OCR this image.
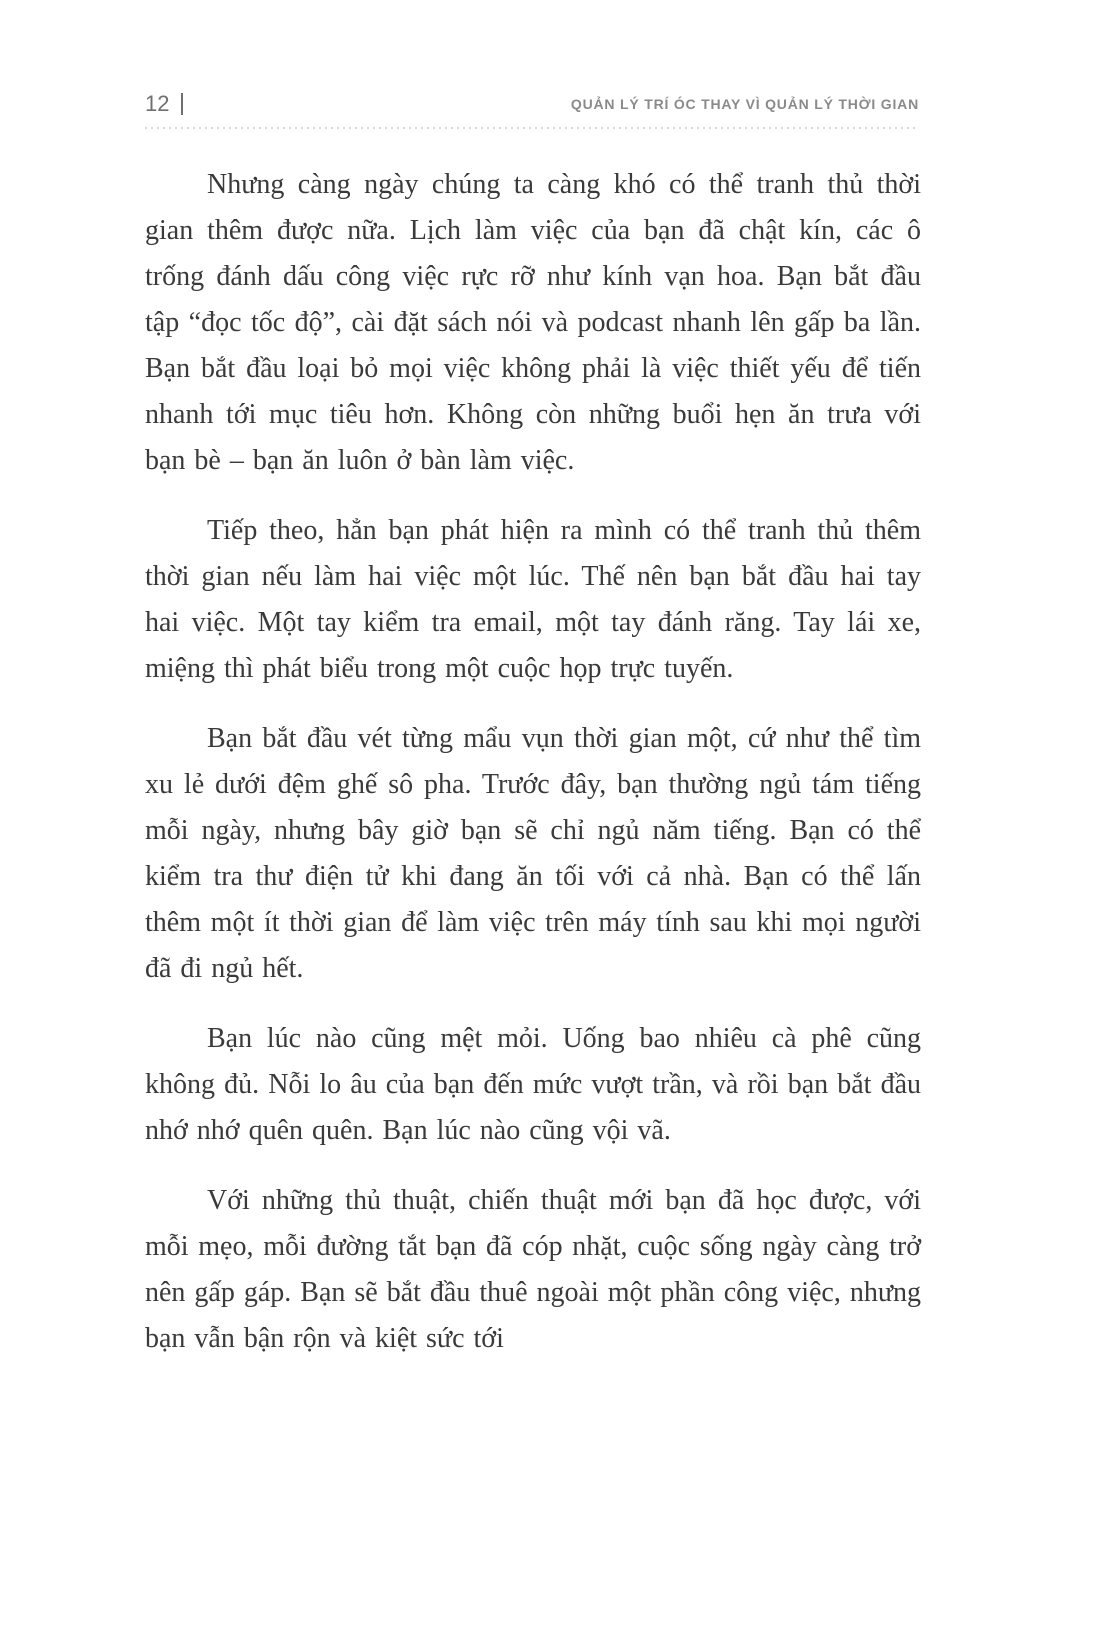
12	QUẢN LÝ TRÍ ÓC THAY VÌ QUẢN LÝ THỜI GIAN

Nhưng càng ngày chúng ta càng khó có thể tranh thủ thời gian thêm được nữa. Lịch làm việc của bạn đã chật kín, các ô trống đánh dấu công việc rực rỡ như kính vạn hoa. Bạn bắt đầu tập “đọc tốc độ”, cài đặt sách nói và podcast nhanh lên gấp ba lần. Bạn bắt đầu loại bỏ mọi việc không phải là việc thiết yếu để tiến nhanh tới mục tiêu hơn. Không còn những buổi hẹn ăn trưa với bạn bè – bạn ăn luôn ở bàn làm việc.

Tiếp theo, hẳn bạn phát hiện ra mình có thể tranh thủ thêm thời gian nếu làm hai việc một lúc. Thế nên bạn bắt đầu hai tay hai việc. Một tay kiểm tra email, một tay đánh răng. Tay lái xe, miệng thì phát biểu trong một cuộc họp trực tuyến.

Bạn bắt đầu vét từng mẩu vụn thời gian một, cứ như thể tìm xu lẻ dưới đệm ghế sô pha. Trước đây, bạn thường ngủ tám tiếng mỗi ngày, nhưng bây giờ bạn sẽ chỉ ngủ năm tiếng. Bạn có thể kiểm tra thư điện tử khi đang ăn tối với cả nhà. Bạn có thể lấn thêm một ít thời gian để làm việc trên máy tính sau khi mọi người đã đi ngủ hết.

Bạn lúc nào cũng mệt mỏi. Uống bao nhiêu cà phê cũng không đủ. Nỗi lo âu của bạn đến mức vượt trần, và rồi bạn bắt đầu nhớ nhớ quên quên. Bạn lúc nào cũng vội vã.

Với những thủ thuật, chiến thuật mới bạn đã học được, với mỗi mẹo, mỗi đường tắt bạn đã cóp nhặt, cuộc sống ngày càng trở nên gấp gáp. Bạn sẽ bắt đầu thuê ngoài một phần công việc, nhưng bạn vẫn bận rộn và kiệt sức tới
